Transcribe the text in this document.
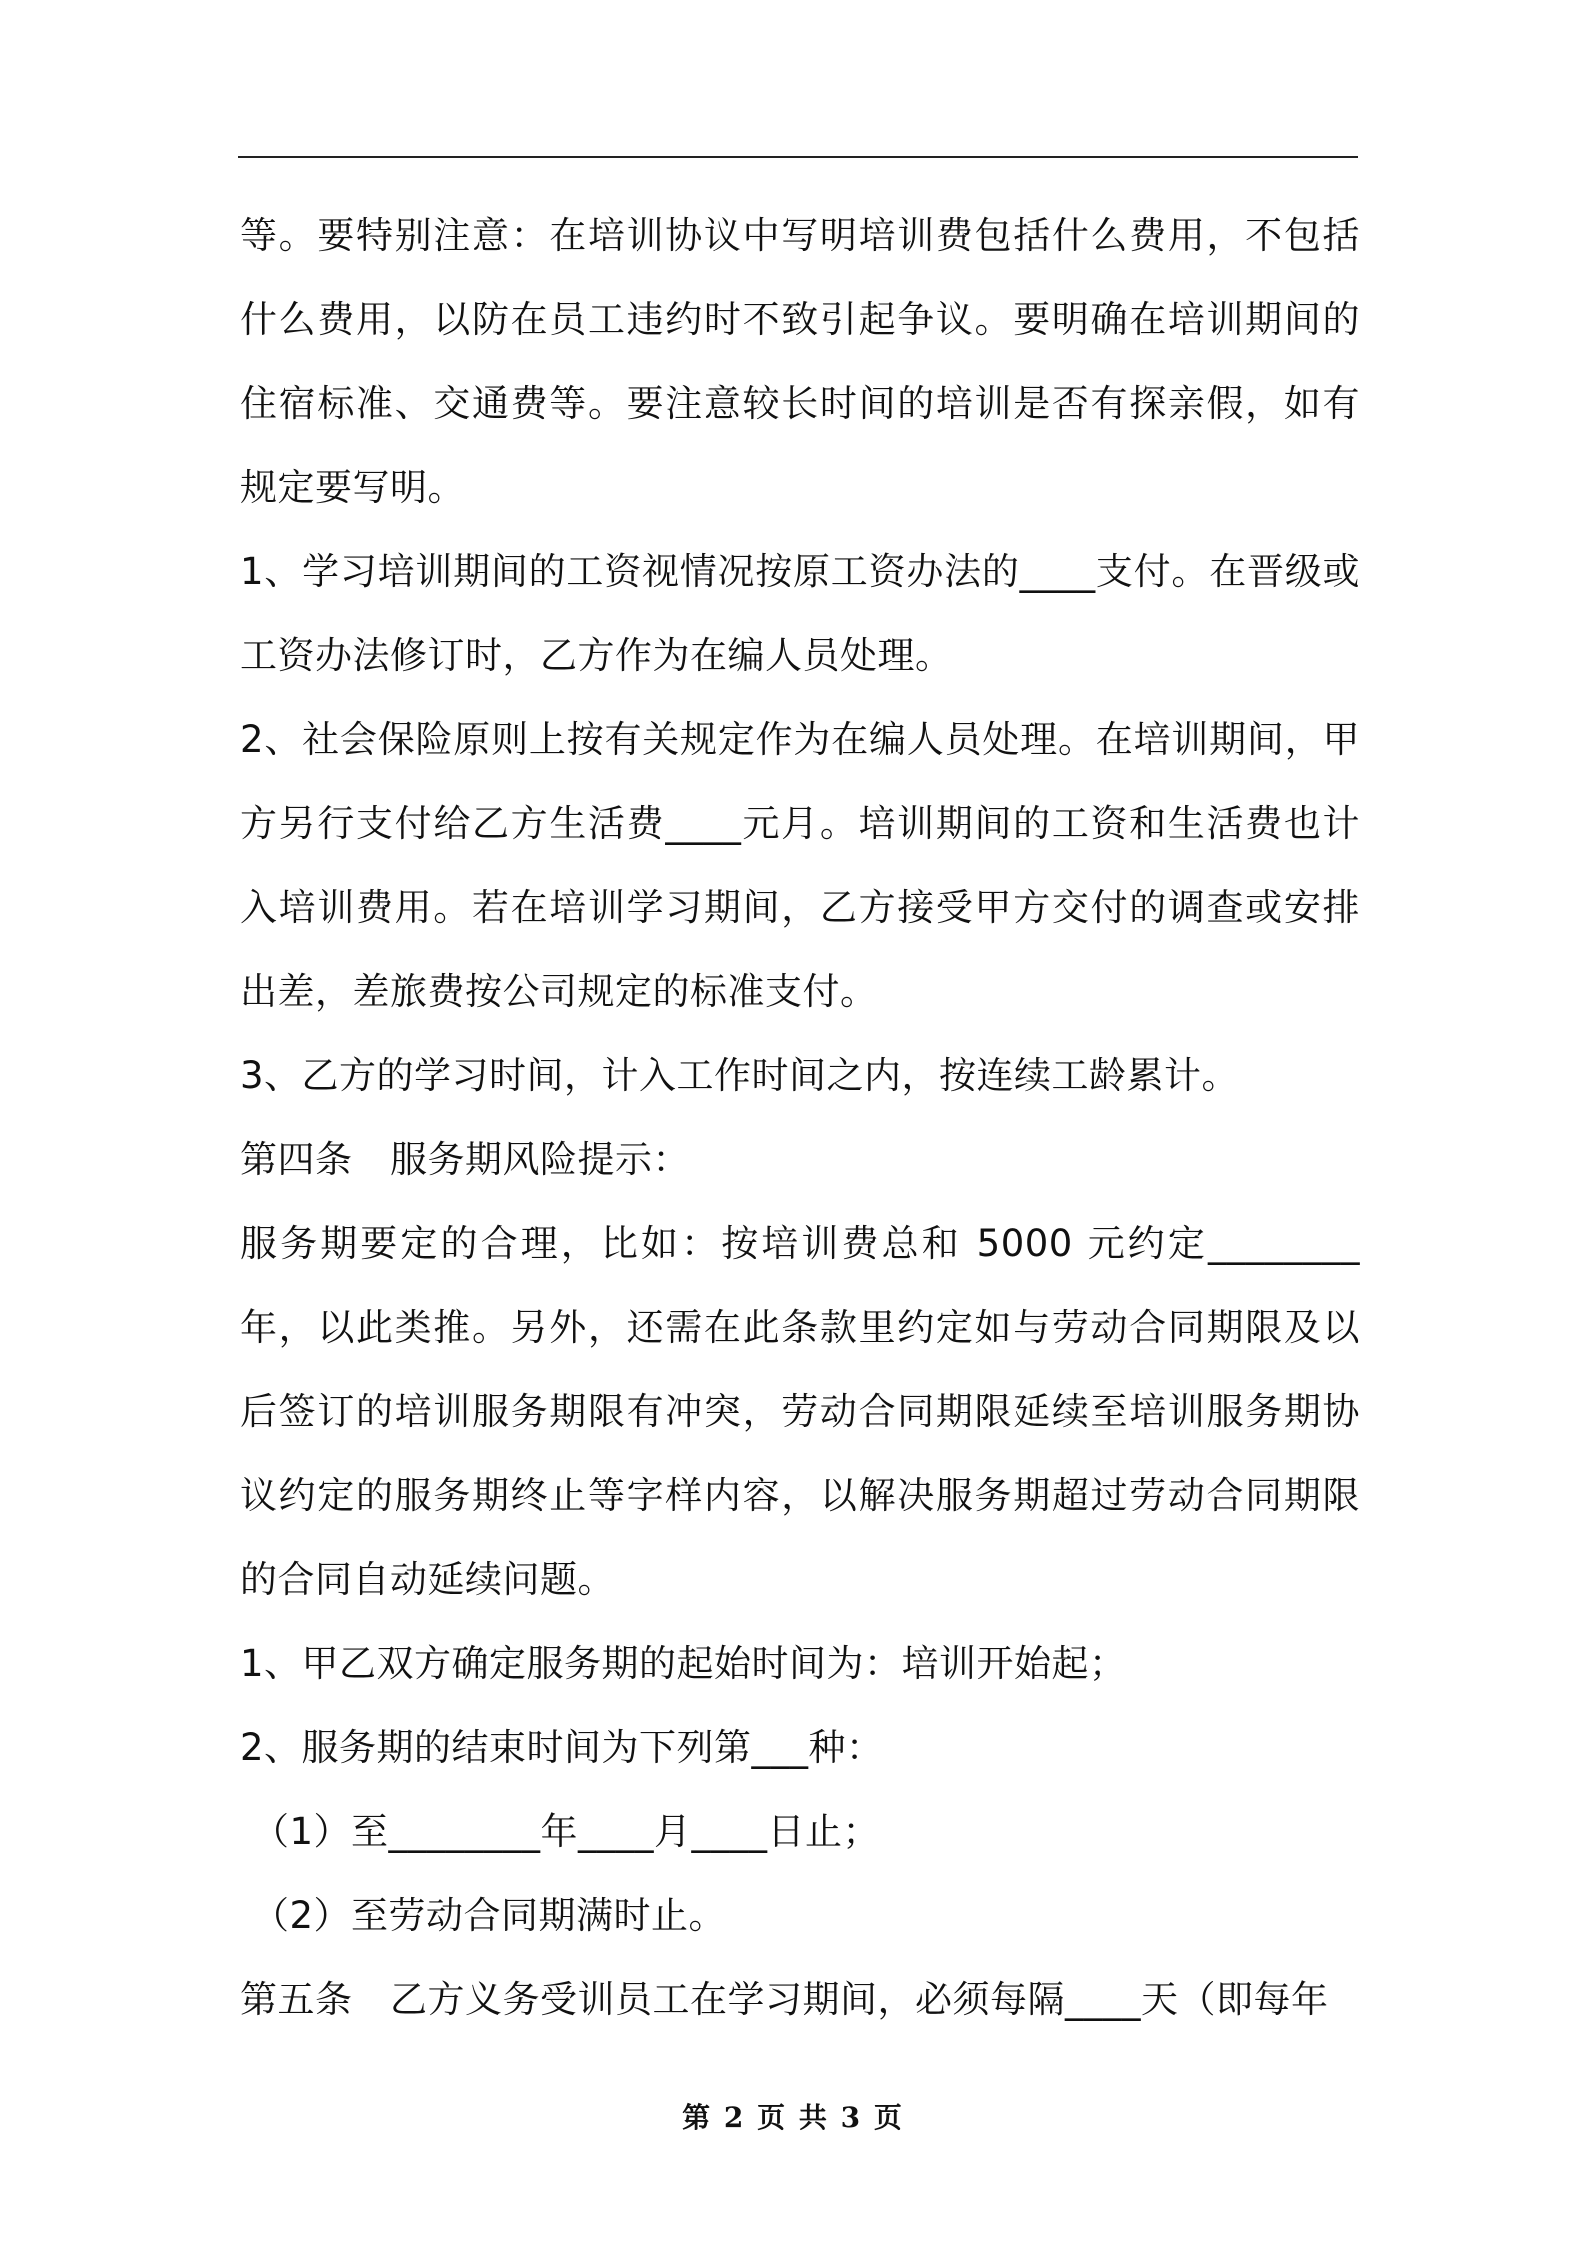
等。要特别注意：在培训协议中写明培训费包括什么费用，不包括什么费用，以防在员工违约时不致引起争议。要明确在培训期间的住宿标准、交通费等。要注意较长时间的培训是否有探亲假，如有规定要写明。

1、学习培训期间的工资视情况按原工资办法的____支付。在晋级或工资办法修订时，乙方作为在编人员处理。

2、社会保险原则上按有关规定作为在编人员处理。在培训期间，甲方另行支付给乙方生活费____元月。培训期间的工资和生活费也计入培训费用。若在培训学习期间，乙方接受甲方交付的调查或安排出差，差旅费按公司规定的标准支付。

3、乙方的学习时间，计入工作时间之内，按连续工龄累计。

第四条　服务期风险提示：

服务期要定的合理，比如：按培训费总和 5000 元约定________年，以此类推。另外，还需在此条款里约定如与劳动合同期限及以后签订的培训服务期限有冲突，劳动合同期限延续至培训服务期协议约定的服务期终止等字样内容，以解决服务期超过劳动合同期限的合同自动延续问题。

1、甲乙双方确定服务期的起始时间为：培训开始起；

2、服务期的结束时间为下列第___种：

（1）至________年____月____日止；

（2）至劳动合同期满时止。

第五条　乙方义务受训员工在学习期间，必须每隔____天（即每年

第 2 页 共 3 页
